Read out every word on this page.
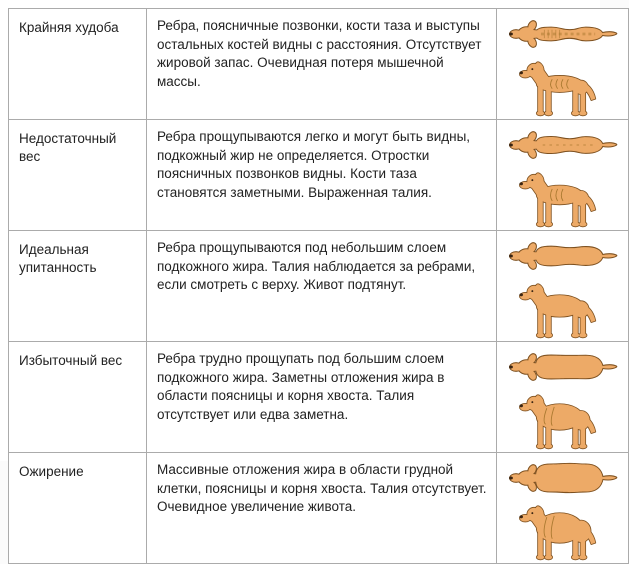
Крайняя худоба	Ребра, поясничные позвонки, кости таза и выступы остальных костей видны с расстояния. Отсутствует жировой запас. Очевидная потеря мышечной массы.	

Недостаточный вес	Ребра прощупываются легко и могут быть видны, подкожный жир не определяется. Отростки поясничных позвонков видны. Кости таза становятся заметными. Выраженная талия.	

Идеальная упитанность	Ребра прощупываются под небольшим слоем подкожного жира. Талия наблюдается за ребрами, если смотреть с верху. Живот подтянут.	

Избыточный вес	Ребра трудно прощупать под большим слоем подкожного жира. Заметны отложения жира в области поясницы и корня хвоста. Талия отсутствует или едва заметна.	

Ожирение	Массивные отложения жира в области грудной клетки, поясницы и корня хвоста. Талия отсутствует. Очевидное увеличение живота.	
